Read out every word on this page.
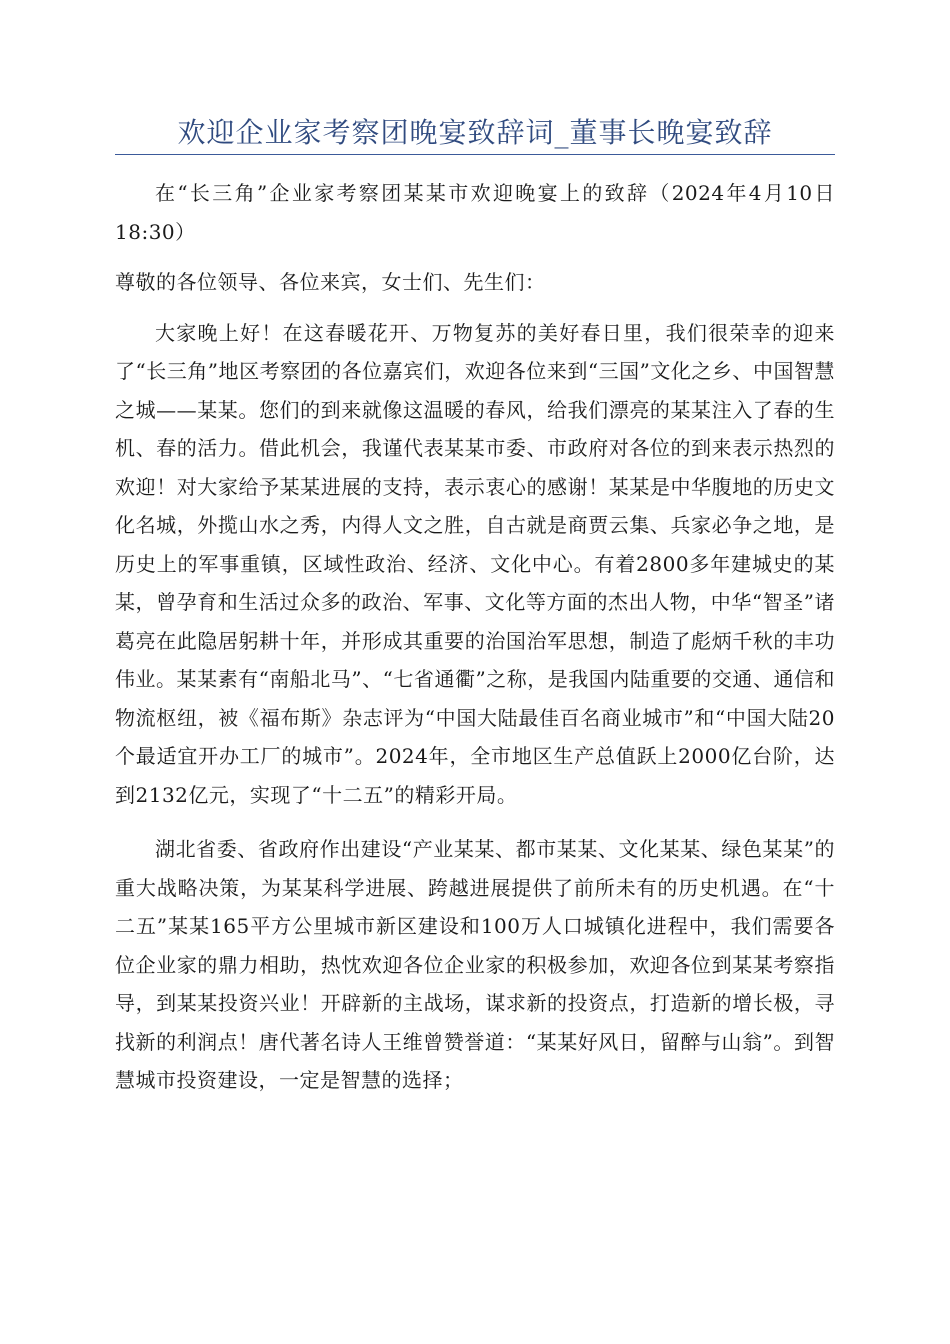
欢迎企业家考察团晚宴致辞词_董事长晚宴致辞

在“长三角”企业家考察团某某市欢迎晚宴上的致辞（2024年4月10日18:30）

尊敬的各位领导、各位来宾，女士们、先生们：

大家晚上好！在这春暖花开、万物复苏的美好春日里，我们很荣幸的迎来了“长三角”地区考察团的各位嘉宾们，欢迎各位来到“三国”文化之乡、中国智慧之城——某某。您们的到来就像这温暖的春风，给我们漂亮的某某注入了春的生机、春的活力。借此机会，我谨代表某某市委、市政府对各位的到来表示热烈的欢迎！对大家给予某某进展的支持，表示衷心的感谢！某某是中华腹地的历史文化名城，外揽山水之秀，内得人文之胜，自古就是商贾云集、兵家必争之地，是历史上的军事重镇，区域性政治、经济、文化中心。有着2800多年建城史的某某，曾孕育和生活过众多的政治、军事、文化等方面的杰出人物，中华“智圣”诸葛亮在此隐居躬耕十年，并形成其重要的治国治军思想，制造了彪炳千秋的丰功伟业。某某素有“南船北马”、“七省通衢”之称，是我国内陆重要的交通、通信和物流枢纽，被《福布斯》杂志评为“中国大陆最佳百名商业城市”和“中国大陆20个最适宜开办工厂的城市”。2024年，全市地区生产总值跃上2000亿台阶，达到2132亿元，实现了“十二五”的精彩开局。

湖北省委、省政府作出建设“产业某某、都市某某、文化某某、绿色某某”的重大战略决策，为某某科学进展、跨越进展提供了前所未有的历史机遇。在“十二五”某某165平方公里城市新区建设和100万人口城镇化进程中，我们需要各位企业家的鼎力相助，热忱欢迎各位企业家的积极参加，欢迎各位到某某考察指导，到某某投资兴业！开辟新的主战场，谋求新的投资点，打造新的增长极，寻找新的利润点！唐代著名诗人王维曾赞誉道：“某某好风日，留醉与山翁”。到智慧城市投资建设，一定是智慧的选择；
